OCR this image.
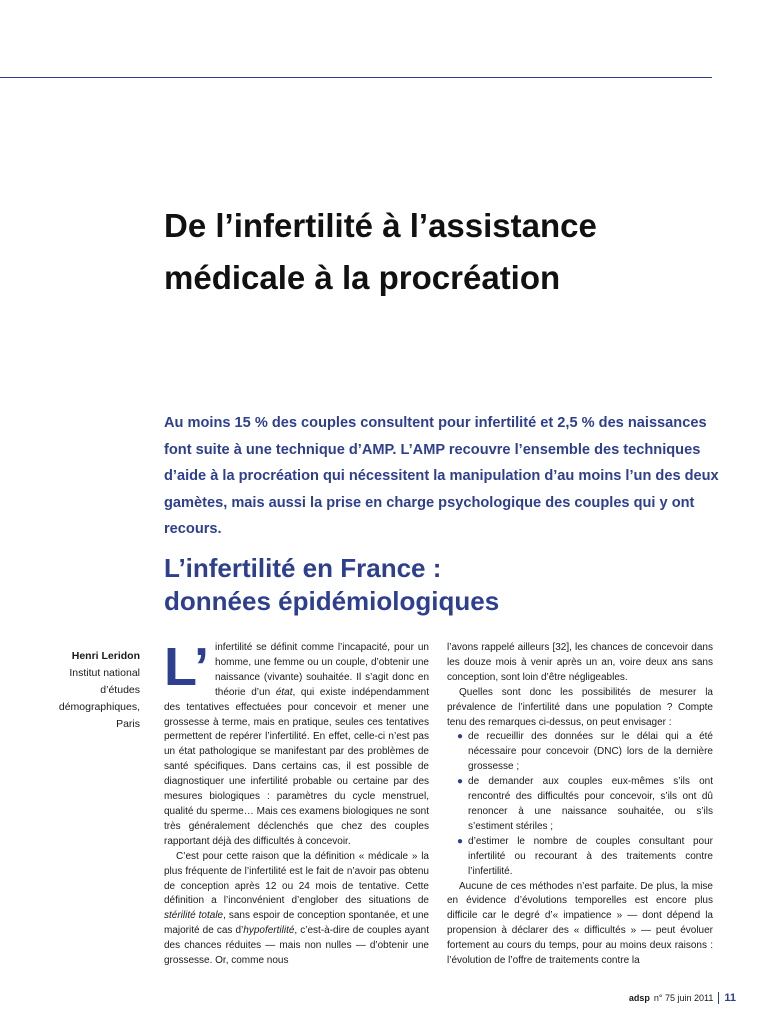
De l’infertilité à l’assistance médicale à la procréation

Au moins 15 % des couples consultent pour infertilité et 2,5 % des naissances font suite à une technique d’AMP. L’AMP recouvre l’ensemble des techniques d’aide à la procréation qui nécessitent la manipulation d’au moins l’un des deux gamètes, mais aussi la prise en charge psychologique des couples qui y ont recours.

L’infertilité en France :
données épidémiologiques
Henri Leridon
Institut national
d’études
démographiques,
Paris

L’ infertilité se définit comme l’incapacité, pour un homme, une femme ou un couple, d’obtenir une naissance (vivante) souhaitée. Il s’agit donc en théorie d’un état, qui existe indépendamment des tentatives effectuées pour concevoir et mener une grossesse à terme, mais en pratique, seules ces tentatives permettent de repérer l’infertilité. En effet, celle-ci n’est pas un état pathologique se manifestant par des problèmes de santé spécifiques. Dans certains cas, il est possible de diagnostiquer une infertilité probable ou certaine par des mesures biologiques : paramètres du cycle menstruel, qualité du sperme… Mais ces examens biologiques ne sont très généralement déclenchés que chez des couples rapportant déjà des difficultés à concevoir.

C’est pour cette raison que la définition « médicale » la plus fréquente de l’infertilité est le fait de n’avoir pas obtenu de conception après 12 ou 24 mois de tentative. Cette définition a l’inconvénient d’englober des situations de stérilité totale, sans espoir de conception spontanée, et une majorité de cas d’hypofertilité, c’est-à-dire de couples ayant des chances réduites — mais non nulles — d’obtenir une grossesse. Or, comme nous

l’avons rappelé ailleurs [32], les chances de concevoir dans les douze mois à venir après un an, voire deux ans sans conception, sont loin d’être négligeables.

Quelles sont donc les possibilités de mesurer la prévalence de l’infertilité dans une population ? Compte tenu des remarques ci-dessus, on peut envisager :

● de recueillir des données sur le délai qui a été nécessaire pour concevoir (DNC) lors de la dernière grossesse ;
● de demander aux couples eux-mêmes s’ils ont rencontré des difficultés pour concevoir, s’ils ont dû renoncer à une naissance souhaitée, ou s’ils s’estiment stériles ;
● d’estimer le nombre de couples consultant pour infertilité ou recourant à des traitements contre l’infertilité.

Aucune de ces méthodes n’est parfaite. De plus, la mise en évidence d’évolutions temporelles est encore plus difficile car le degré d’« impatience » — dont dépend la propension à déclarer des « difficultés » — peut évoluer fortement au cours du temps, pour au moins deux raisons : l’évolution de l’offre de traitements contre la

adsp n° 75 juin 2011 11
